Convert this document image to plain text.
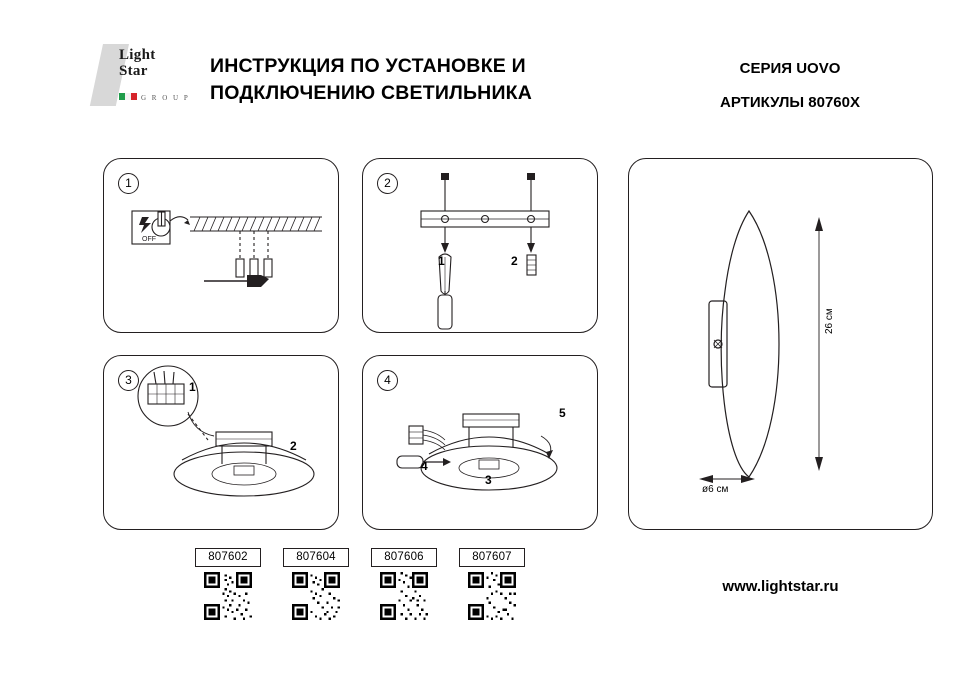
Light
Star
G R O U P
ИНСТРУКЦИЯ ПО УСТАНОВКЕ И
ПОДКЛЮЧЕНИЮ СВЕТИЛЬНИКА
СЕРИЯ UOVO
АРТИКУЛЫ 80760X
1
OFF
2
1	2
3	1
2
4
4
3
5
26 см
ø6 см
807602	807604	807606	807607
www.lightstar.ru
